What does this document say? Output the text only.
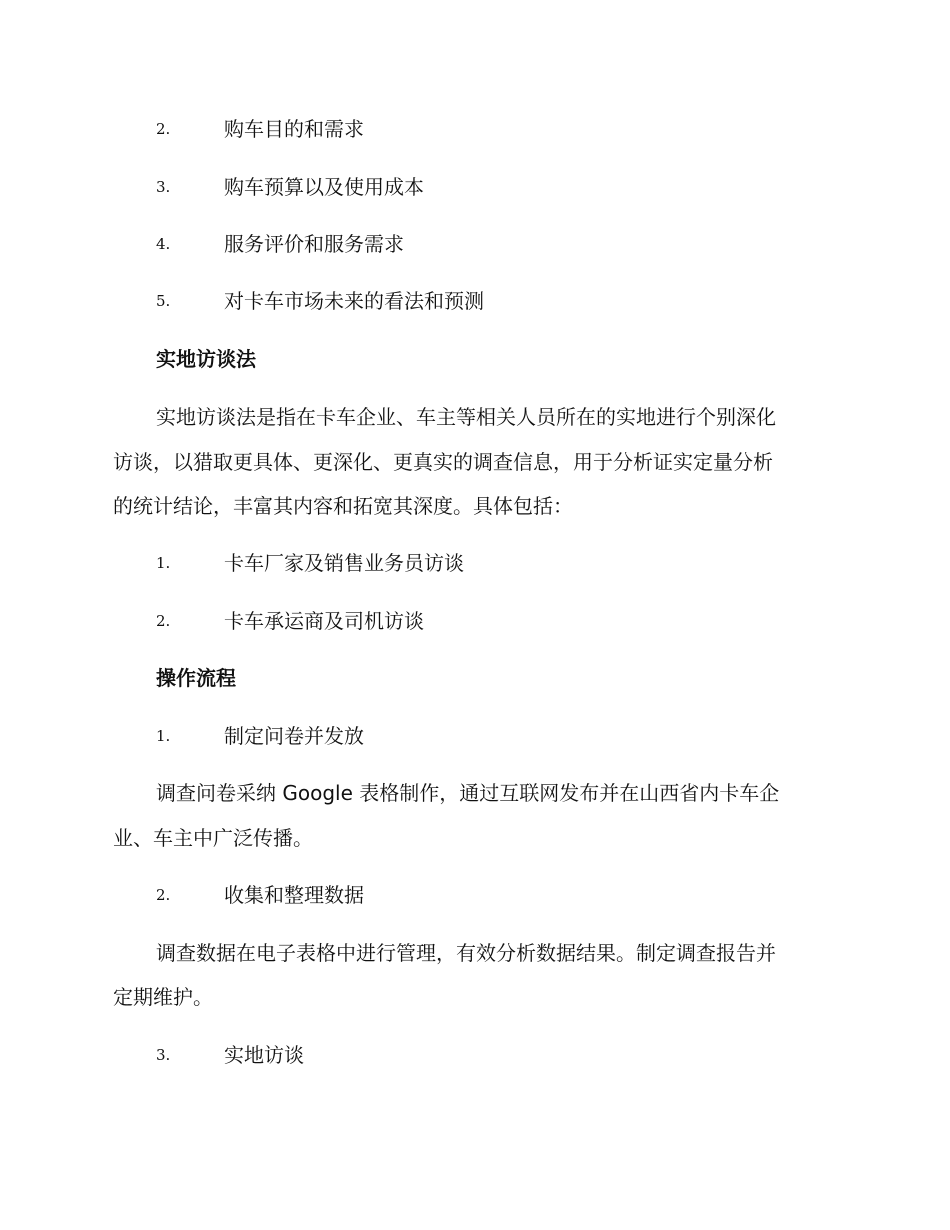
2.	购车目的和需求
3.	购车预算以及使用成本
4.	服务评价和服务需求
5.	对卡车市场未来的看法和预测
实地访谈法
实地访谈法是指在卡车企业、车主等相关人员所在的实地进行个别深化
访谈，以猎取更具体、更深化、更真实的调查信息，用于分析证实定量分析
的统计结论，丰富其内容和拓宽其深度。具体包括：
1.	卡车厂家及销售业务员访谈
2.	卡车承运商及司机访谈
操作流程
1.	制定问卷并发放
调查问卷采纳 Google 表格制作，通过互联网发布并在山西省内卡车企
业、车主中广泛传播。
2.	收集和整理数据
调查数据在电子表格中进行管理，有效分析数据结果。制定调查报告并
定期维护。
3.	实地访谈
